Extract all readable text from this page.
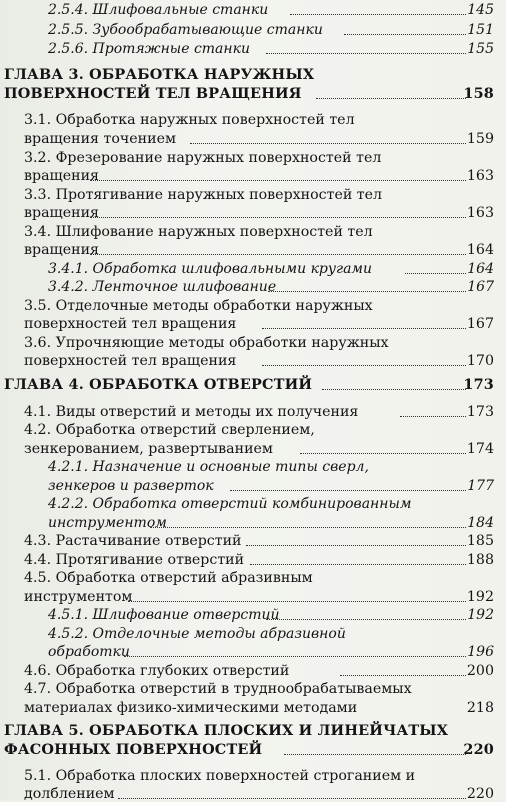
2.5.4. Шлифовальные станки	145
2.5.5. Зубообрабатывающие станки	151
2.5.6. Протяжные станки	155
ГЛАВА 3. ОБРАБОТКА НАРУЖНЫХ
ПОВЕРХНОСТЕЙ ТЕЛ ВРАЩЕНИЯ	158
3.1. Обработка наружных поверхностей тел
вращения точением	159
3.2. Фрезерование наружных поверхностей тел
вращения	163
3.3. Протягивание наружных поверхностей тел
вращения	163
3.4. Шлифование наружных поверхностей тел
вращения	164
3.4.1. Обработка шлифовальными кругами	164
3.4.2. Ленточное шлифование	167
3.5. Отделочные методы обработки наружных
поверхностей тел вращения	167
3.6. Упрочняющие методы обработки наружных
поверхностей тел вращения	170
ГЛАВА 4. ОБРАБОТКА ОТВЕРСТИЙ	173
4.1. Виды отверстий и методы их получения	173
4.2. Обработка отверстий сверлением,
зенкерованием, развертыванием	174
4.2.1. Назначение и основные типы сверл,
зенкеров и разверток	177
4.2.2. Обработка отверстий комбинированным
инструментом	184
4.3. Растачивание отверстий	185
4.4. Протягивание отверстий	188
4.5. Обработка отверстий абразивным
инструментом	192
4.5.1. Шлифование отверстий	192
4.5.2. Отделочные методы абразивной
обработки	196
4.6. Обработка глубоких отверстий	200
4.7. Обработка отверстий в труднообрабатываемых
материалах физико-химическими методами	218
ГЛАВА 5. ОБРАБОТКА ПЛОСКИХ И ЛИНЕЙЧАТЫХ
ФАСОННЫХ ПОВЕРХНОСТЕЙ	220
5.1. Обработка плоских поверхностей строганием и
долблением	220
